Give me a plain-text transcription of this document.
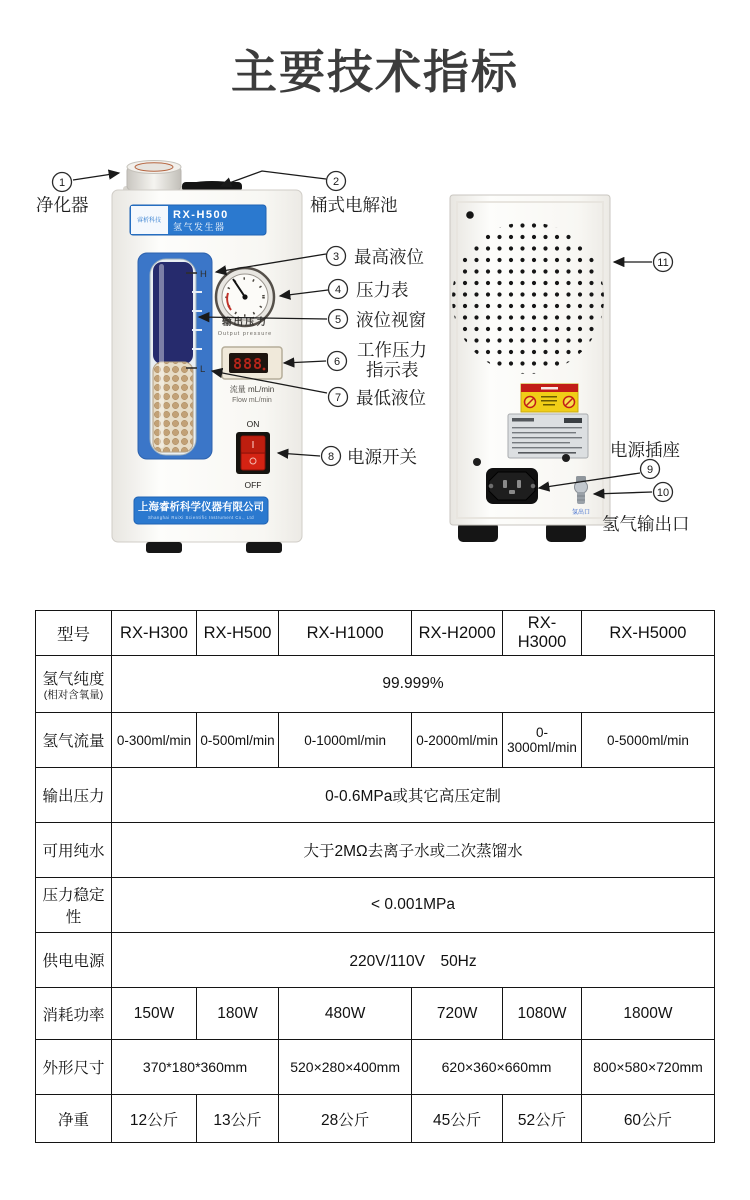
主要技术指标
睿析科技 RX-H500
氢气发生器
H
L
输出压力
Output pressure
888
流量 mL/min
Flow mL/min
ON
OFF
上海睿析科学仪器有限公司
Shanghai RuiXi Scientific Instrument Co., Ltd
氢出口
1
净化器
2
桶式电解池
3 最高液位
4 压力表
5 液位视窗
6
工作压力
指示表
7 最低液位
8 电源开关	电源插座
9
10
氢气输出口
11
型号	RX-H300	RX-H500	RX-H1000	RX-H2000	RX-H3000	RX-H5000
氢气纯度
(相对含氧量)	99.999%					
氢气流量	0-300ml/min	0-500ml/min	0-1000ml/min	0-2000ml/min	0-3000ml/min	0-5000ml/min
输出压力	0-0.6MPa或其它高压定制					
可用纯水	大于2MΩ去离子水或二次蒸馏水					
压力稳定性	< 0.001MPa					
供电电源	220V/110V　50Hz					
消耗功率	150W	180W	480W	720W	1080W	1800W
外形尺寸	370*180*360mm		520×280×400mm	620×360×660mm		800×580×720mm
净重	12公斤	13公斤	28公斤	45公斤	52公斤	60公斤
